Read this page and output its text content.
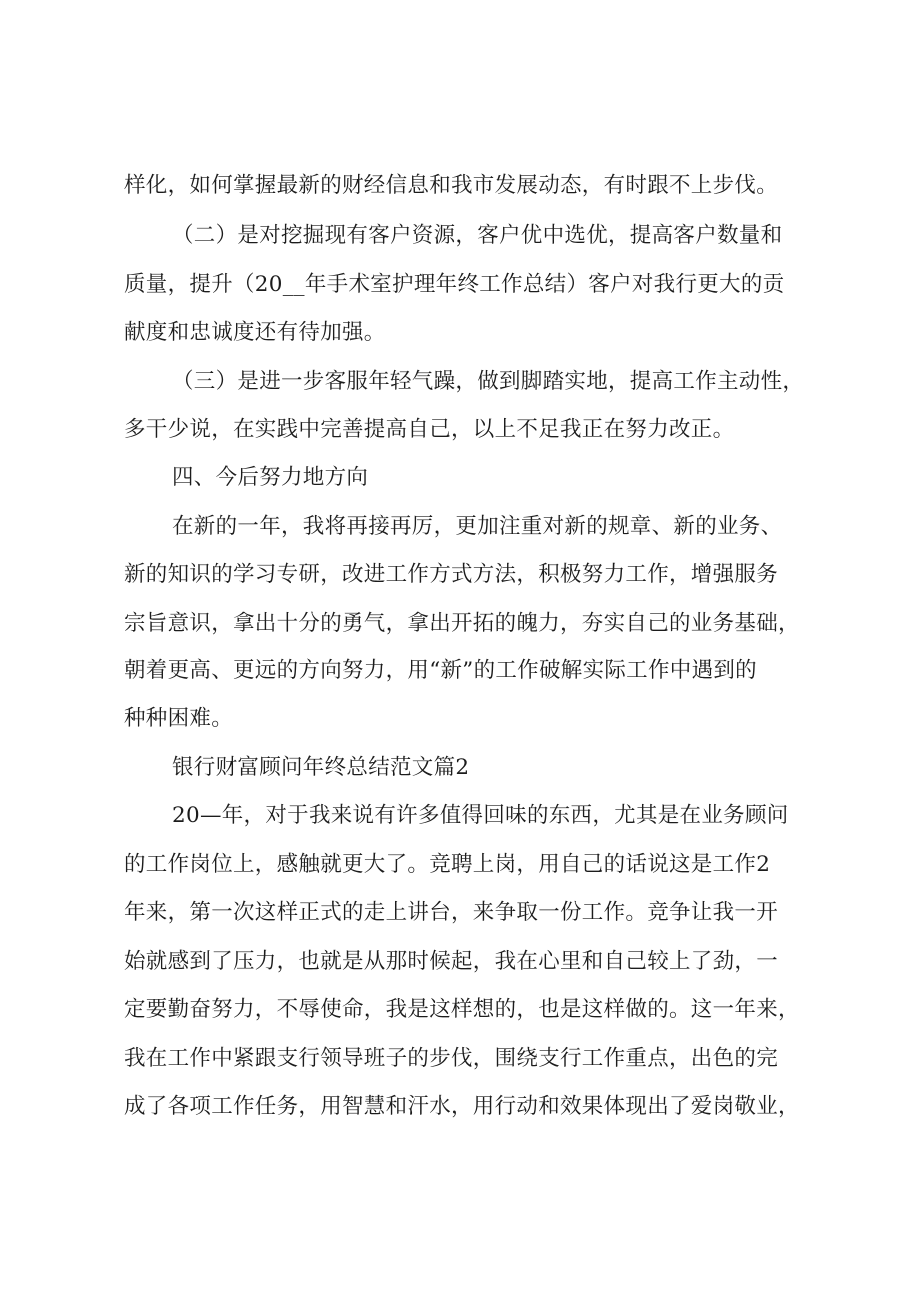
样化，如何掌握最新的财经信息和我市发展动态，有时跟不上步伐。
（二）是对挖掘现有客户资源，客户优中选优，提高客户数量和
质量，提升（20__年手术室护理年终工作总结）客户对我行更大的贡
献度和忠诚度还有待加强。
（三）是进一步客服年轻气躁，做到脚踏实地，提高工作主动性，
多干少说，在实践中完善提高自己，以上不足我正在努力改正。
四、今后努力地方向
在新的一年，我将再接再厉，更加注重对新的规章、新的业务、
新的知识的学习专研，改进工作方式方法，积极努力工作，增强服务
宗旨意识，拿出十分的勇气，拿出开拓的魄力，夯实自己的业务基础，
朝着更高、更远的方向努力，用“新”的工作破解实际工作中遇到的
种种困难。
银行财富顾问年终总结范文篇2
20—年，对于我来说有许多值得回味的东西，尤其是在业务顾问
的工作岗位上，感触就更大了。竞聘上岗，用自己的话说这是工作2
年来，第一次这样正式的走上讲台，来争取一份工作。竞争让我一开
始就感到了压力，也就是从那时候起，我在心里和自己较上了劲，一
定要勤奋努力，不辱使命，我是这样想的，也是这样做的。这一年来，
我在工作中紧跟支行领导班子的步伐，围绕支行工作重点，出色的完
成了各项工作任务，用智慧和汗水，用行动和效果体现出了爱岗敬业，
